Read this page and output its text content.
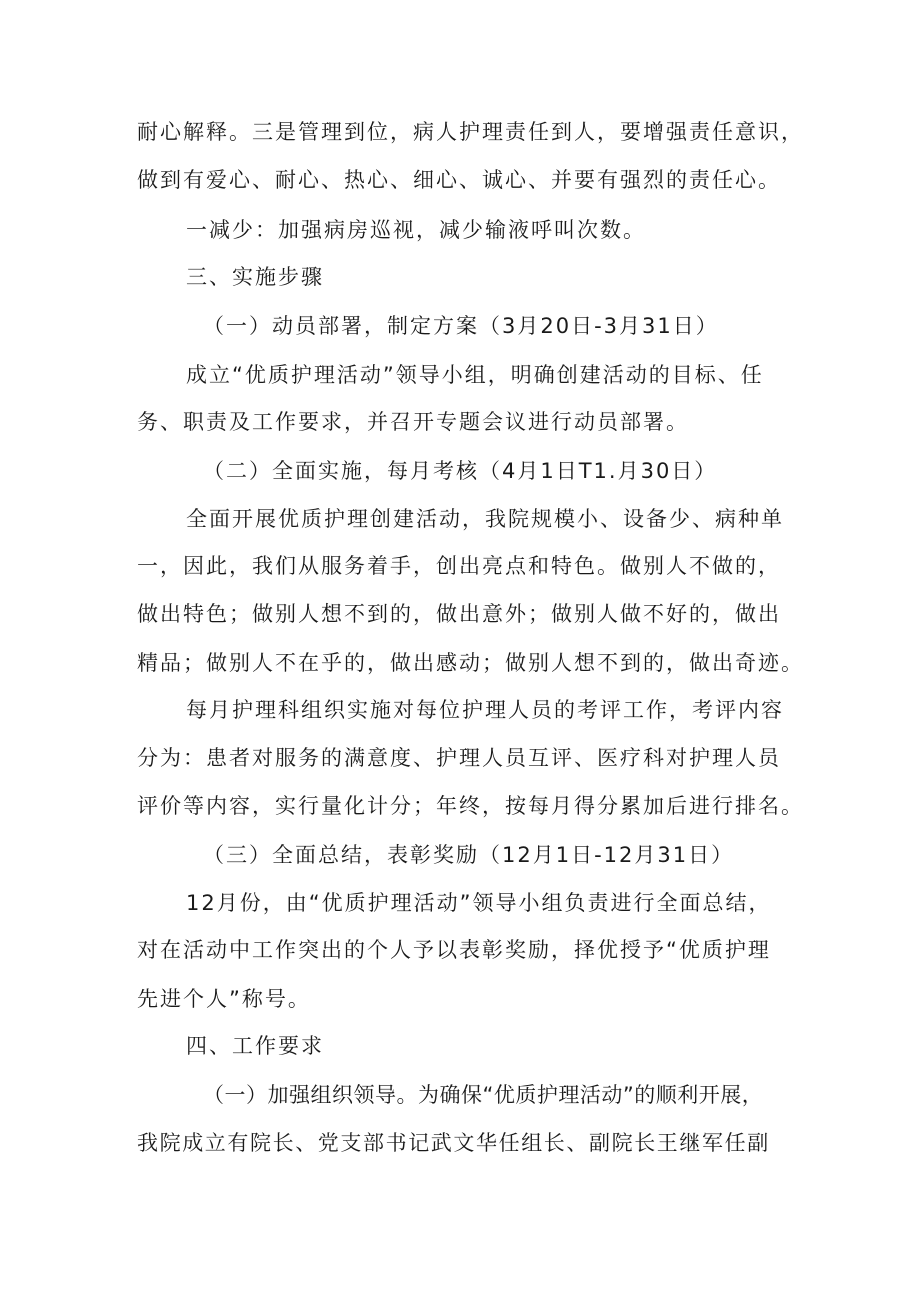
耐心解释。三是管理到位，病人护理责任到人，要增强责任意识，
做到有爱心、耐心、热心、细心、诚心、并要有强烈的责任心。
一减少：加强病房巡视，减少输液呼叫次数。
三、实施步骤
（一）动员部署，制定方案（3月20日-3月31日）
成立“优质护理活动”领导小组，明确创建活动的目标、任
务、职责及工作要求，并召开专题会议进行动员部署。
（二）全面实施，每月考核（4月1日T1.月30日）
全面开展优质护理创建活动，我院规模小、设备少、病种单
一，因此，我们从服务着手，创出亮点和特色。做别人不做的，
做出特色；做别人想不到的，做出意外；做别人做不好的，做出
精品；做别人不在乎的，做出感动；做别人想不到的，做出奇迹。
每月护理科组织实施对每位护理人员的考评工作，考评内容
分为：患者对服务的满意度、护理人员互评、医疗科对护理人员
评价等内容，实行量化计分；年终，按每月得分累加后进行排名。
（三）全面总结，表彰奖励（12月1日-12月31日）
12月份，由“优质护理活动”领导小组负责进行全面总结，
对在活动中工作突出的个人予以表彰奖励，择优授予“优质护理
先进个人”称号。
四、工作要求
（一）加强组织领导。为确保“优质护理活动”的顺利开展，
我院成立有院长、党支部书记武文华任组长、副院长王继军任副
